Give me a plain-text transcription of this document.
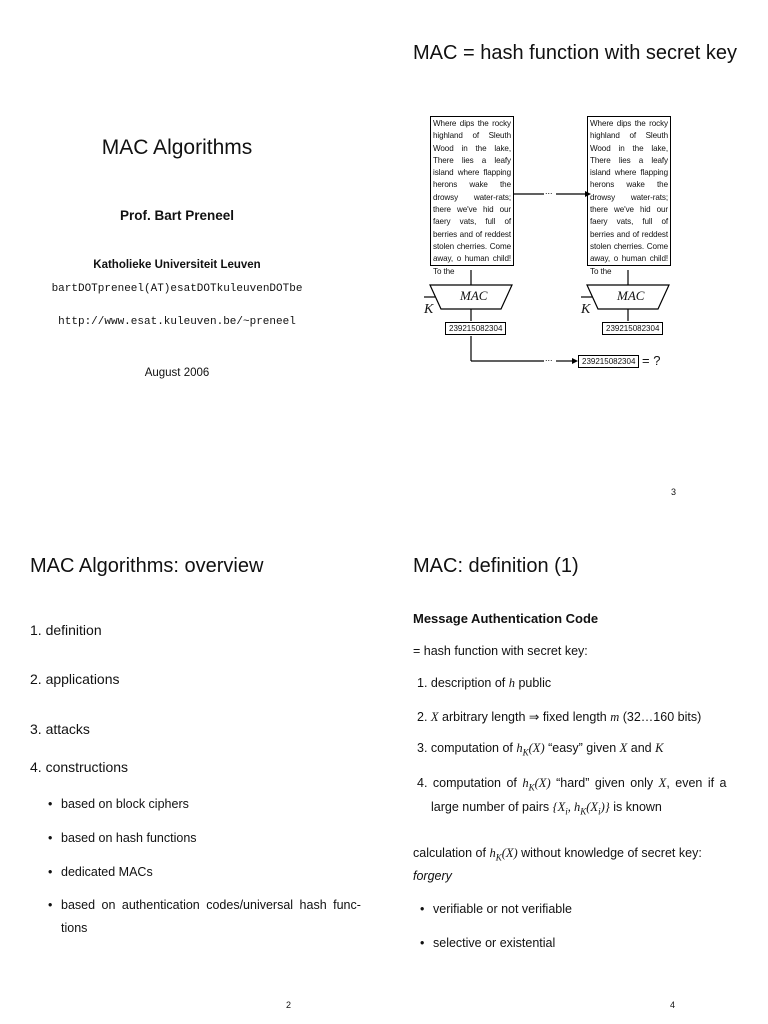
MAC Algorithms
Prof. Bart Preneel
Katholieke Universiteit Leuven
bartDOTpreneel(AT)esatDOTkuleuvenDOTbe
http://www.esat.kuleuven.be/~preneel
August 2006
MAC = hash function with secret key
Where dips the rocky highland of Sleuth Wood in the lake, There lies a leafy island where flapping herons wake the drowsy water-rats; there we've hid our faery vats, full of berries and of reddest stolen cherries. Come away, o human child! To the
Where dips the rocky highland of Sleuth Wood in the lake, There lies a leafy island where flapping herons wake the drowsy water-rats; there we've hid our faery vats, full of berries and of reddest stolen cherries. Come away, o human child! To the
...
...
MAC	MAC
K	K
239215082304	239215082304
239215082304 = ?
3
MAC Algorithms: overview
1. definition
2. applications
3. attacks
4. constructions
• based on block ciphers
• based on hash functions
• dedicated MACs
• based on authentication codes/universal hash func-
tions
2
MAC: definition (1)
Message Authentication Code
= hash function with secret key:
1. description of h public
2. X arbitrary length ⇒ fixed length m (32…160 bits)
3. computation of $h_K(X)$ “easy” given X and K
4. computation of $h_K(X)$ “hard” given only X, even if a
large number of pairs {$X_i$, $h_K(X_i)$} is known
calculation of $h_K(X)$ without knowledge of secret key:
forgery
• verifiable or not verifiable
• selective or existential
4
